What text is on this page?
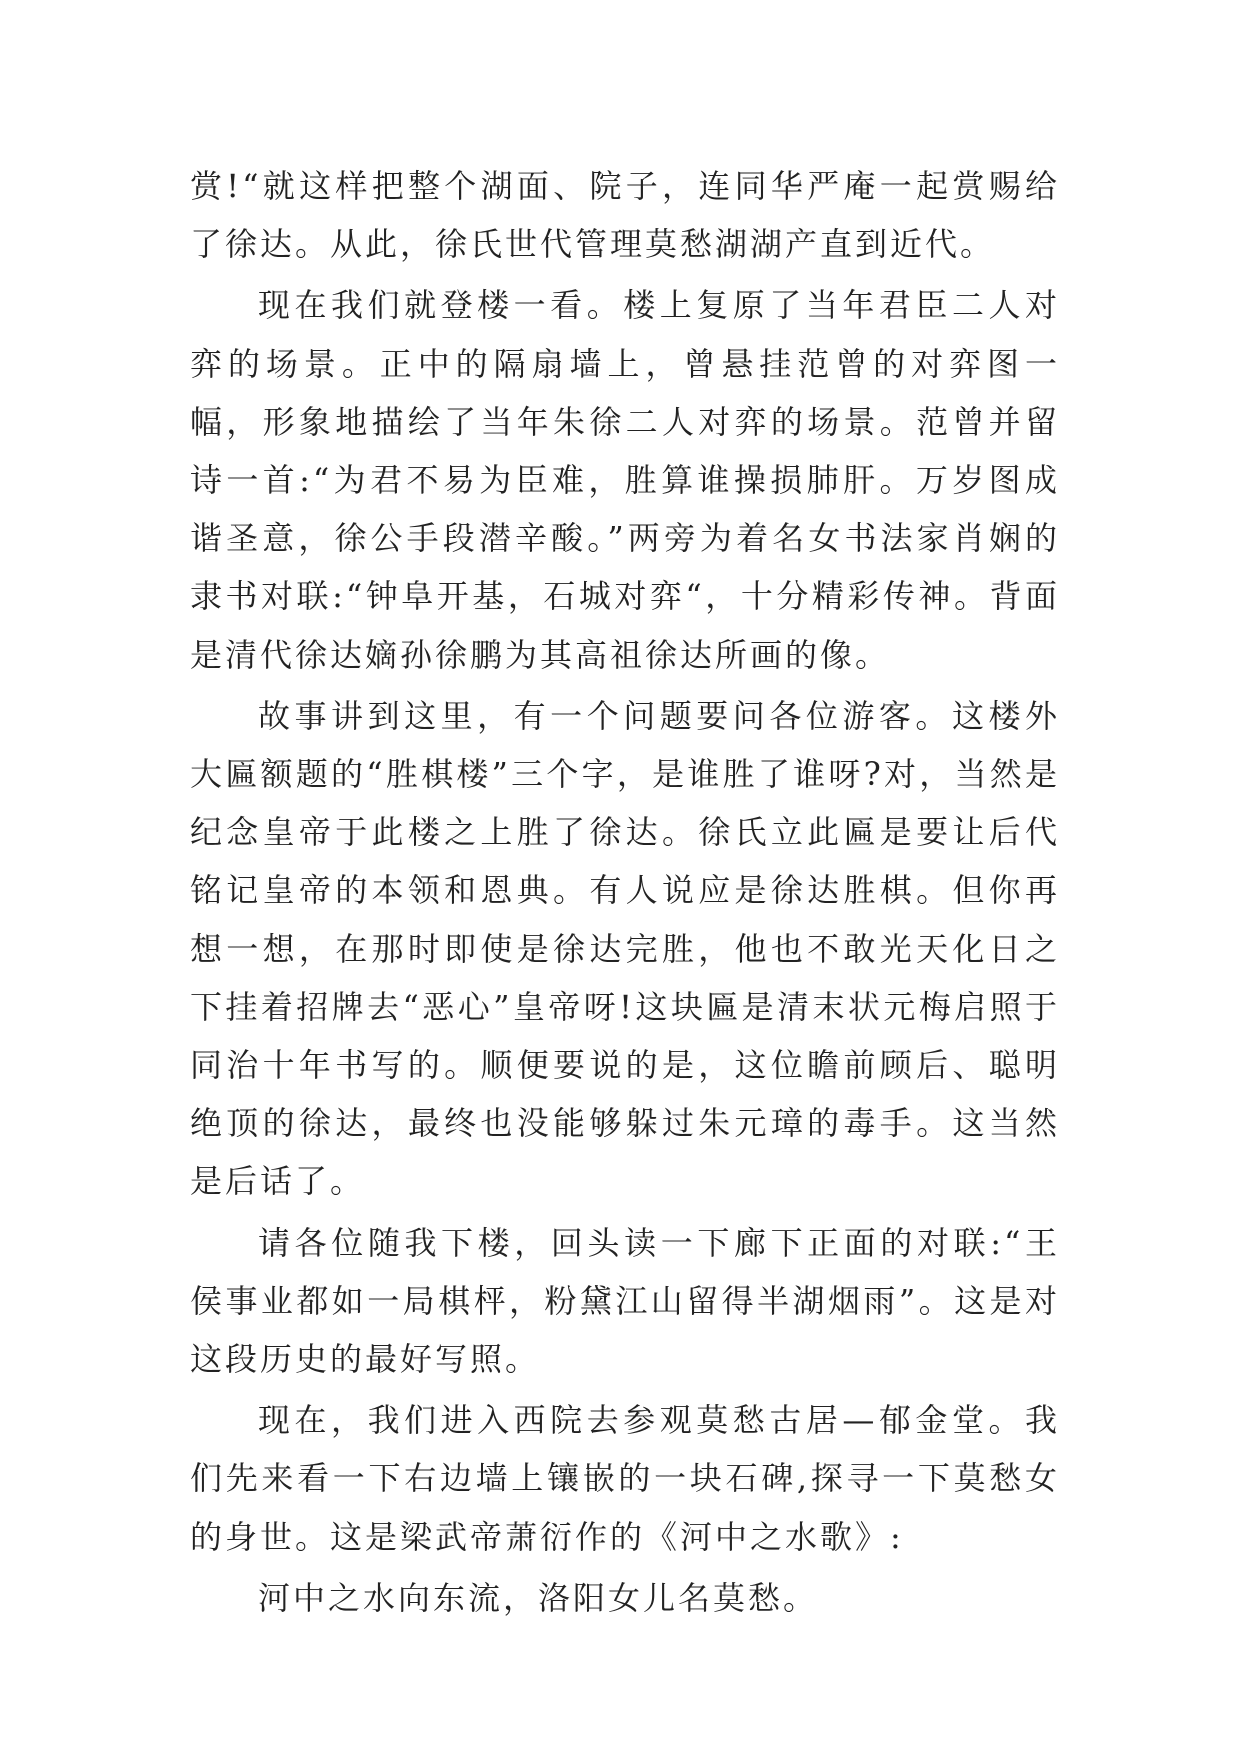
赏!“就这样把整个湖面、院子，连同华严庵一起赏赐给了徐达。从此，徐氏世代管理莫愁湖湖产直到近代。

现在我们就登楼一看。楼上复原了当年君臣二人对弈的场景。正中的隔扇墙上，曾悬挂范曾的对弈图一幅，形象地描绘了当年朱徐二人对弈的场景。范曾并留诗一首:“为君不易为臣难，胜算谁操损肺肝。万岁图成谐圣意，徐公手段潜辛酸。”两旁为着名女书法家肖娴的隶书对联:“钟阜开基，石城对弈“，十分精彩传神。背面是清代徐达嫡孙徐鹏为其高祖徐达所画的像。

故事讲到这里，有一个问题要问各位游客。这楼外大匾额题的“胜棋楼”三个字，是谁胜了谁呀?对，当然是纪念皇帝于此楼之上胜了徐达。徐氏立此匾是要让后代铭记皇帝的本领和恩典。有人说应是徐达胜棋。但你再想一想，在那时即使是徐达完胜，他也不敢光天化日之下挂着招牌去“恶心”皇帝呀!这块匾是清末状元梅启照于同治十年书写的。顺便要说的是，这位瞻前顾后、聪明绝顶的徐达，最终也没能够躲过朱元璋的毒手。这当然是后话了。

请各位随我下楼，回头读一下廊下正面的对联:“王侯事业都如一局棋枰，粉黛江山留得半湖烟雨”。这是对这段历史的最好写照。

现在，我们进入西院去参观莫愁古居—郁金堂。我们先来看一下右边墙上镶嵌的一块石碑,探寻一下莫愁女的身世。这是梁武帝萧衍作的《河中之水歌》:

河中之水向东流，洛阳女儿名莫愁。
